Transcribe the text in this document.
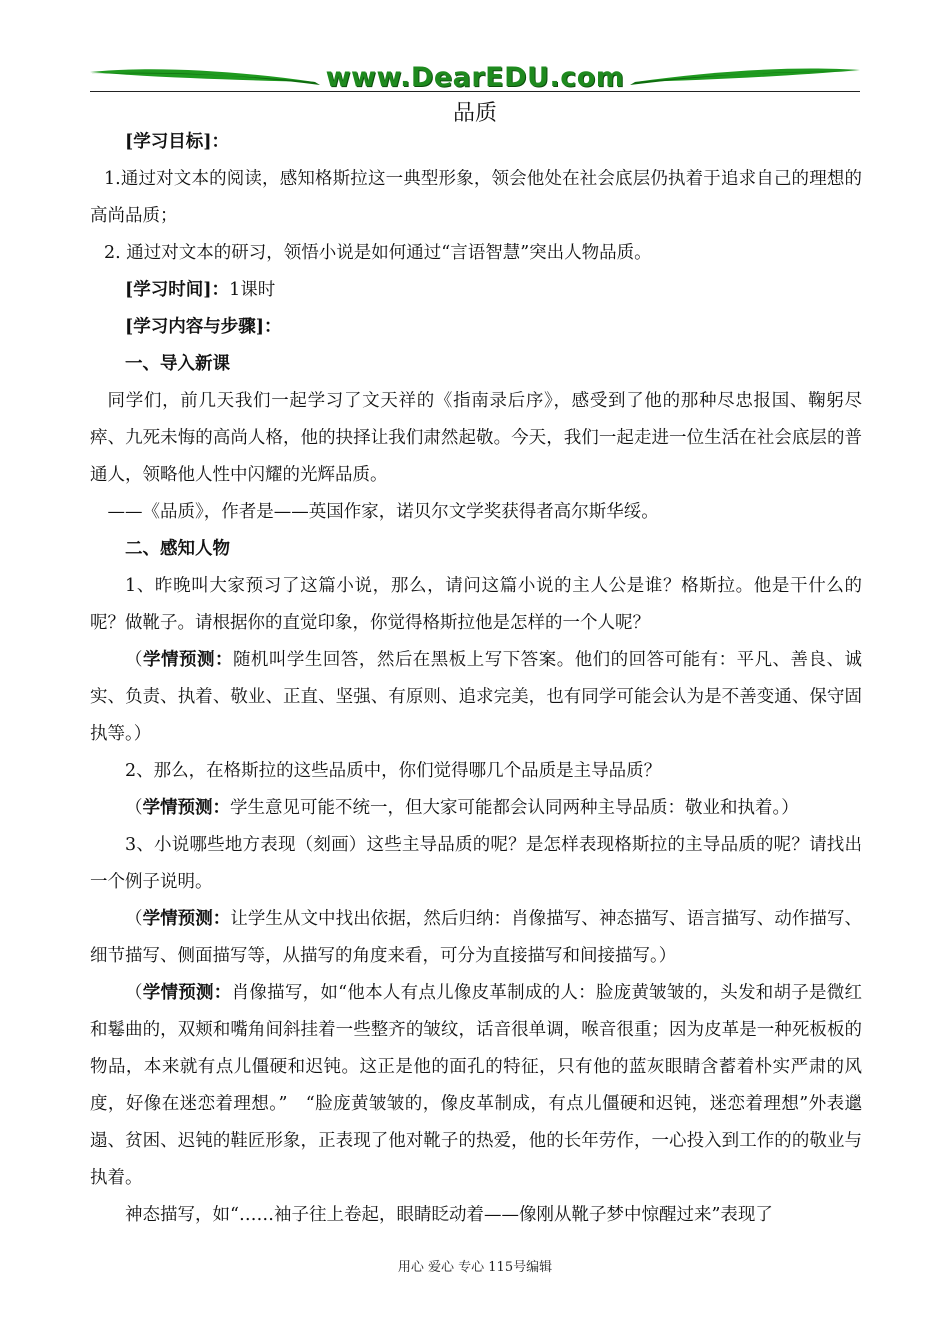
www.DearEDU.com
品质

[学习目标]：

1.通过对文本的阅读，感知格斯拉这一典型形象，领会他处在社会底层仍执着于追求自己的理想的高尚品质；

2. 通过对文本的研习，领悟小说是如何通过“言语智慧”突出人物品质。

[学习时间]：1课时

[学习内容与步骤]：

一、导入新课

同学们，前几天我们一起学习了文天祥的《指南录后序》，感受到了他的那种尽忠报国、鞠躬尽瘁、九死未悔的高尚人格，他的抉择让我们肃然起敬。今天，我们一起走进一位生活在社会底层的普通人，领略他人性中闪耀的光辉品质。

——《品质》，作者是——英国作家，诺贝尔文学奖获得者高尔斯华绥。

二、感知人物

1、昨晚叫大家预习了这篇小说，那么，请问这篇小说的主人公是谁？格斯拉。他是干什么的呢？做靴子。请根据你的直觉印象，你觉得格斯拉他是怎样的一个人呢？

（学情预测：随机叫学生回答，然后在黑板上写下答案。他们的回答可能有：平凡、善良、诚实、负责、执着、敬业、正直、坚强、有原则、追求完美，也有同学可能会认为是不善变通、保守固执等。）

2、那么，在格斯拉的这些品质中，你们觉得哪几个品质是主导品质？

（学情预测：学生意见可能不统一，但大家可能都会认同两种主导品质：敬业和执着。）

3、小说哪些地方表现（刻画）这些主导品质的呢？是怎样表现格斯拉的主导品质的呢？请找出一个例子说明。

（学情预测：让学生从文中找出依据，然后归纳：肖像描写、神态描写、语言描写、动作描写、细节描写、侧面描写等，从描写的角度来看，可分为直接描写和间接描写。）

（学情预测：肖像描写，如“他本人有点儿像皮革制成的人：脸庞黄皱皱的，头发和胡子是微红和鬈曲的，双颊和嘴角间斜挂着一些整齐的皱纹，话音很单调，喉音很重；因为皮革是一种死板板的物品，本来就有点儿僵硬和迟钝。这正是他的面孔的特征，只有他的蓝灰眼睛含蓄着朴实严肃的风度，好像在迷恋着理想。”　“脸庞黄皱皱的，像皮革制成，有点儿僵硬和迟钝，迷恋着理想”外表邋遢、贫困、迟钝的鞋匠形象，正表现了他对靴子的热爱，他的长年劳作，一心投入到工作的的敬业与执着。

神态描写，如“……袖子往上卷起，眼睛眨动着——像刚从靴子梦中惊醒过来”表现了

用心 爱心 专心 115号编辑
